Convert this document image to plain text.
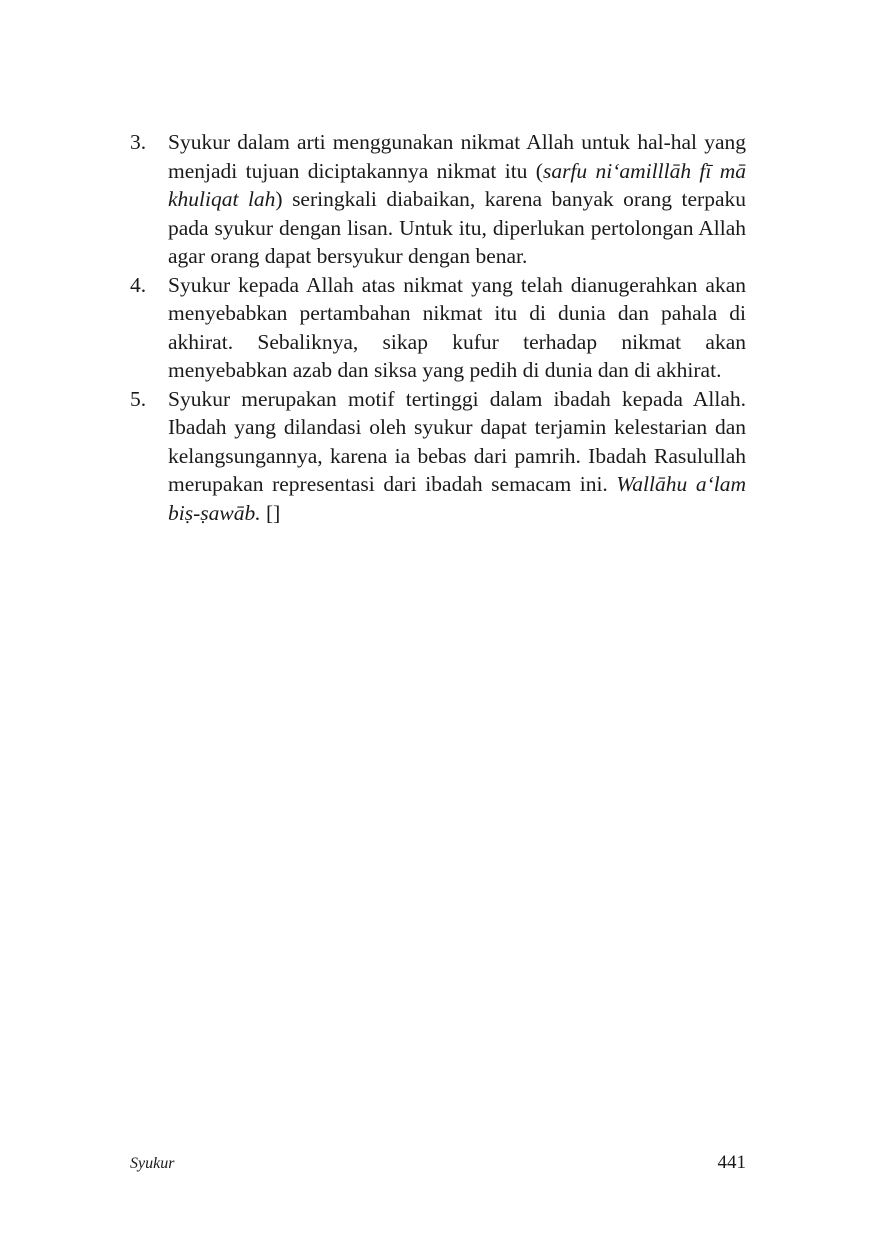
3.	Syukur dalam arti menggunakan nikmat Allah untuk hal-hal yang menjadi tujuan diciptakannya nikmat itu (sarfu ni‘amilllāh fī mā khuliqat lah) seringkali diabaikan, karena banyak orang terpaku pada syukur dengan lisan. Untuk itu, diperlukan pertolongan Allah agar orang dapat bersyukur dengan benar.
4.	Syukur kepada Allah atas nikmat yang telah dianugerahkan akan menyebabkan pertambahan nikmat itu di dunia dan pahala di akhirat. Sebaliknya, sikap kufur terhadap nikmat akan menyebabkan azab dan siksa yang pedih di dunia dan di akhirat.
5.	Syukur merupakan motif tertinggi dalam ibadah kepada Allah. Ibadah yang dilandasi oleh syukur dapat terjamin kelestarian dan kelangsungannya, karena ia bebas dari pamrih. Ibadah Rasulullah merupakan representasi dari ibadah semacam ini. Wallāhu a‘lam biṣ-ṣawāb. []
Syukur	441
